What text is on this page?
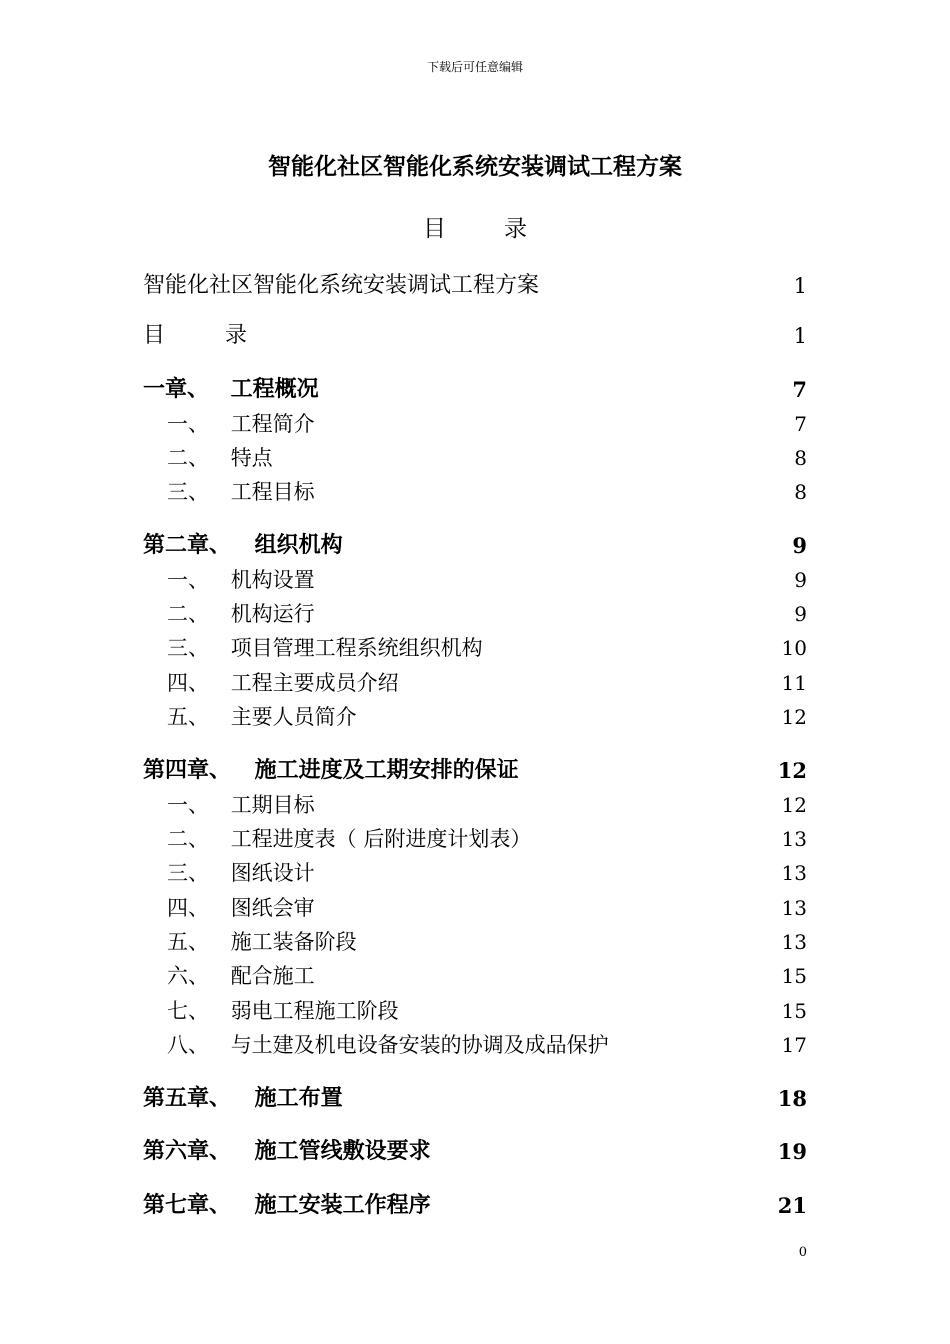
下载后可任意编辑
智能化社区智能化系统安装调试工程方案
目录
智能化社区智能化系统安装调试工程方案	1
目录	1
一章、 工程概况	7
一、 工程简介	7
二、 特点	8
三、 工程目标	8
第二章、 组织机构	9
一、 机构设置	9
二、 机构运行	9
三、 项目管理工程系统组织机构	10
四、 工程主要成员介绍	11
五、 主要人员简介	12
第四章、 施工进度及工期安排的保证	12
一、 工期目标	12
二、 工程进度表（ 后附进度计划表）	13
三、 图纸设计	13
四、 图纸会审	13
五、 施工装备阶段	13
六、 配合施工	15
七、 弱电工程施工阶段	15
八、 与土建及机电设备安装的协调及成品保护	17
第五章、 施工布置	18
第六章、 施工管线敷设要求	19
第七章、 施工安装工作程序	21
0
